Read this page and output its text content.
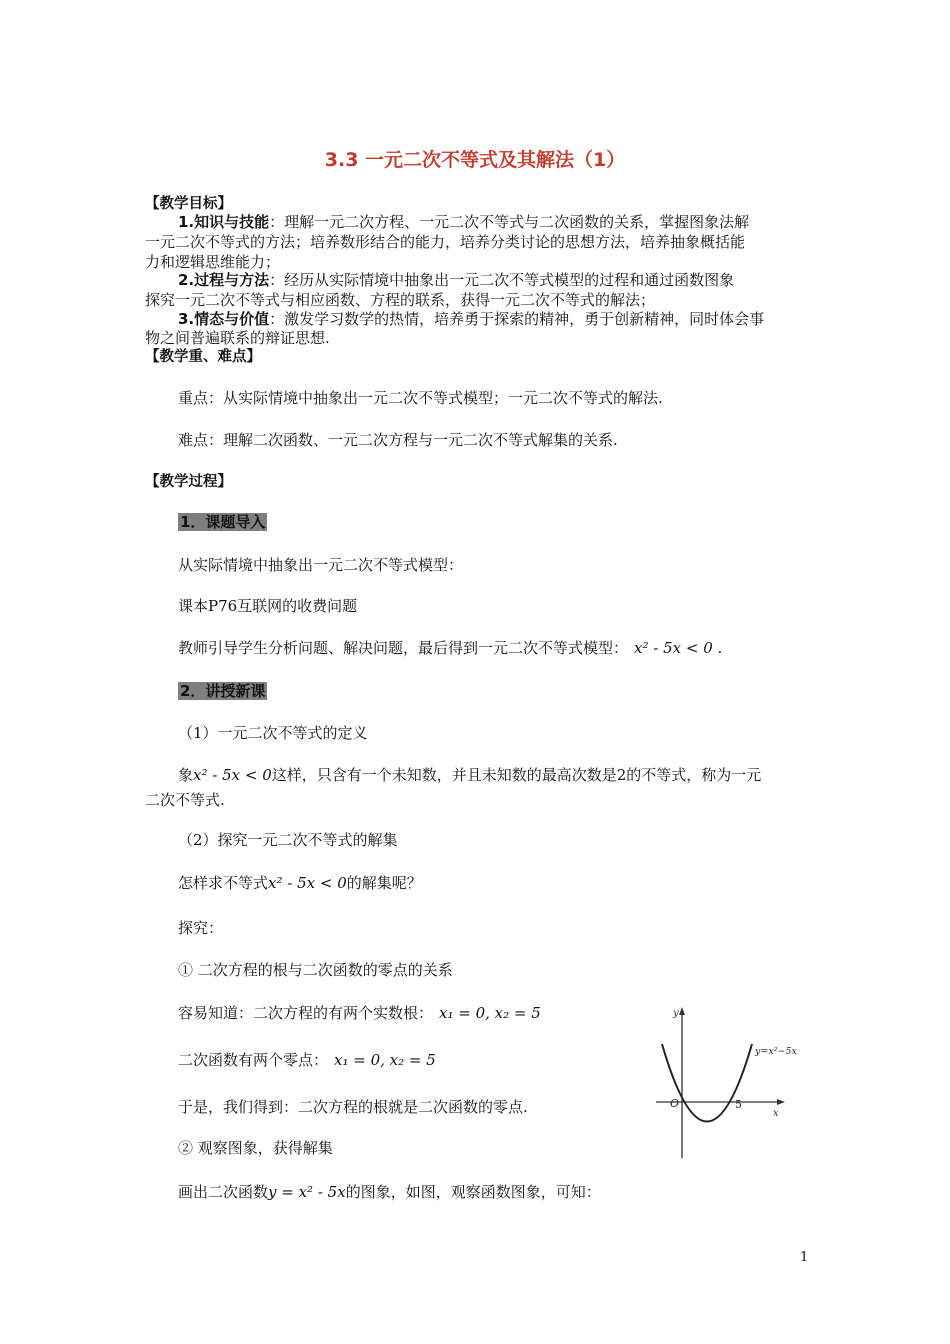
3.3 一元二次不等式及其解法（1）
【教学目标】
1.知识与技能：理解一元二次方程、一元二次不等式与二次函数的关系，掌握图象法解
一元二次不等式的方法；培养数形结合的能力，培养分类讨论的思想方法，培养抽象概括能
力和逻辑思维能力；
2.过程与方法：经历从实际情境中抽象出一元二次不等式模型的过程和通过函数图象
探究一元二次不等式与相应函数、方程的联系，获得一元二次不等式的解法；
3.情态与价值：激发学习数学的热情，培养勇于探索的精神，勇于创新精神，同时体会事
物之间普遍联系的辩证思想.
【教学重、难点】
重点：从实际情境中抽象出一元二次不等式模型；一元二次不等式的解法.
难点：理解二次函数、一元二次方程与一元二次不等式解集的关系.
【教学过程】
1．课题导入
从实际情境中抽象出一元二次不等式模型：
课本P76互联网的收费问题
教师引导学生分析问题、解决问题，最后得到一元二次不等式模型： x² - 5x < 0 .
2．讲授新课
（1）一元二次不等式的定义
象x² - 5x < 0这样，只含有一个未知数，并且未知数的最高次数是2的不等式，称为一元
二次不等式.
（2）探究一元二次不等式的解集
怎样求不等式x² - 5x < 0的解集呢？
探究：
① 二次方程的根与二次函数的零点的关系
容易知道：二次方程的有两个实数根： x₁ = 0, x₂ = 5
二次函数有两个零点： x₁ = 0, x₂ = 5
于是，我们得到：二次方程的根就是二次函数的零点.
② 观察图象，获得解集
画出二次函数y = x² - 5x的图象，如图，观察函数图象，可知：
y
x
O	5
y=x²−5x
1
